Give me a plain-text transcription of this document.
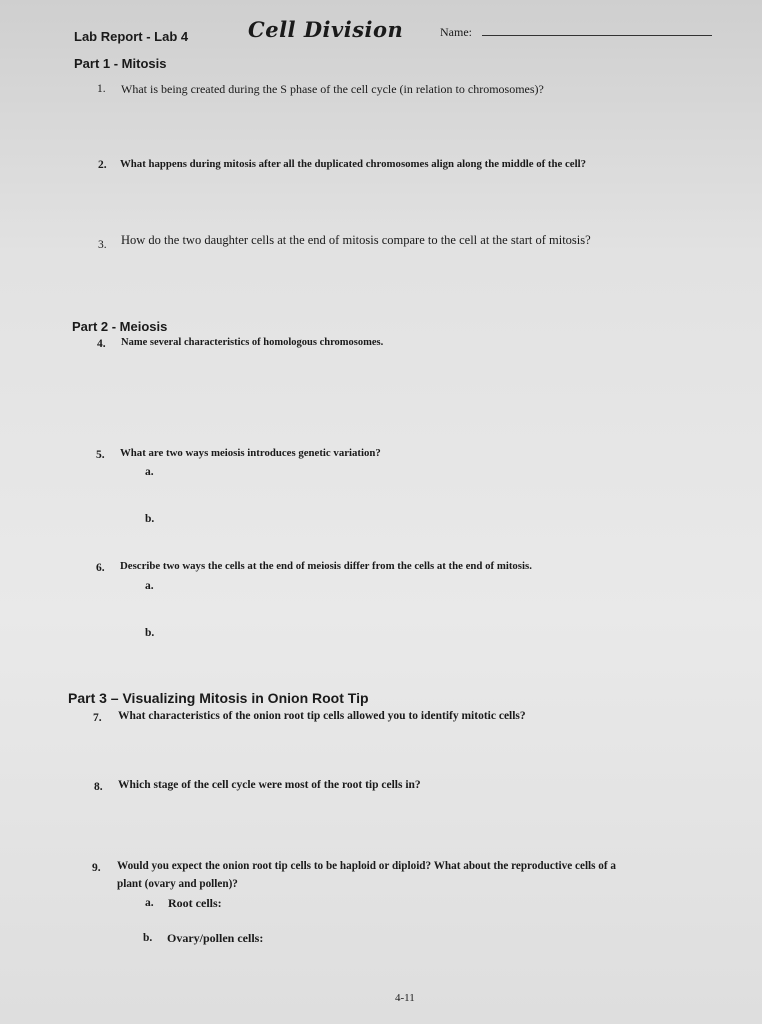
Lab Report - Lab 4	Cell Division	Name:
Part 1 - Mitosis
1. What is being created during the S phase of the cell cycle (in relation to chromosomes)?
2. What happens during mitosis after all the duplicated chromosomes align along the middle of the cell?
3. How do the two daughter cells at the end of mitosis compare to the cell at the start of mitosis?
Part 2 - Meiosis
4. Name several characteristics of homologous chromosomes.
5. What are two ways meiosis introduces genetic variation?
a.
b.
6. Describe two ways the cells at the end of meiosis differ from the cells at the end of mitosis.
a.
b.
Part 3 – Visualizing Mitosis in Onion Root Tip
7. What characteristics of the onion root tip cells allowed you to identify mitotic cells?
8. Which stage of the cell cycle were most of the root tip cells in?
9. Would you expect the onion root tip cells to be haploid or diploid? What about the reproductive cells of a
plant (ovary and pollen)?
a. Root cells:
b. Ovary/pollen cells:
4-11
